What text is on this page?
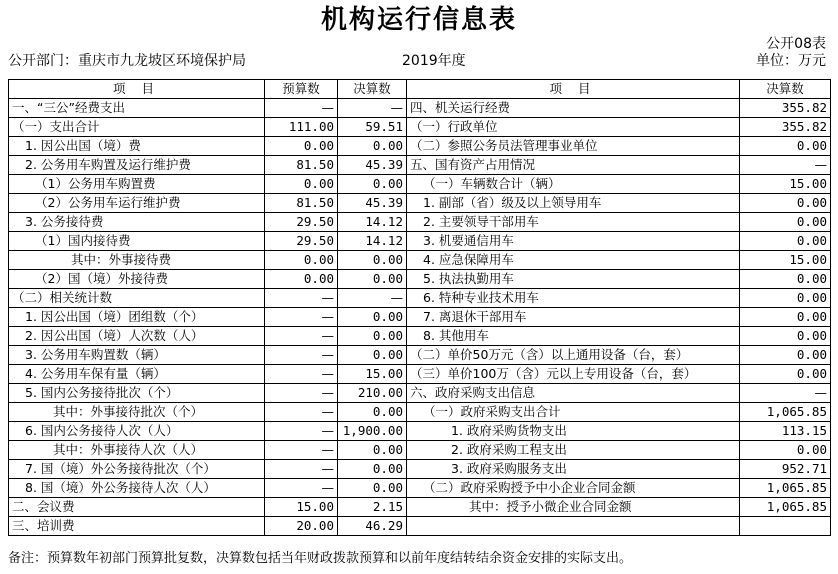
机构运行信息表
公开08表
公开部门：重庆市九龙坡区环境保护局	2019年度	单位：万元
项 目	预算数	决算数	项 目	决算数
一、“三公”经费支出	—	—	四、机关运行经费	355.82
（一）支出合计	111.00	59.51	（一）行政单位	355.82
1. 因公出国（境）费	0.00	0.00	（二）参照公务员法管理事业单位	0.00
2. 公务用车购置及运行维护费	81.50	45.39	五、国有资产占用情况	—
（1）公务用车购置费	0.00	0.00	（一）车辆数合计（辆）	15.00
（2）公务用车运行维护费	81.50	45.39	1. 副部（省）级及以上领导用车	0.00
3. 公务接待费	29.50	14.12	2. 主要领导干部用车	0.00
（1）国内接待费	29.50	14.12	3. 机要通信用车	0.00
其中：外事接待费	0.00	0.00	4. 应急保障用车	15.00
（2）国（境）外接待费	0.00	0.00	5. 执法执勤用车	0.00
（二）相关统计数	—	—	6. 特种专业技术用车	0.00
1. 因公出国（境）团组数（个）	—	0.00	7. 离退休干部用车	0.00
2. 因公出国（境）人次数（人）	—	0.00	8. 其他用车	0.00
3. 公务用车购置数（辆）	—	0.00	（二）单价50万元（含）以上通用设备（台，套）	0.00
4. 公务用车保有量（辆）	—	15.00	（三）单价100万（含）元以上专用设备（台，套）	0.00
5. 国内公务接待批次（个）	—	210.00	六、政府采购支出信息	—
其中：外事接待批次（个）	—	0.00	（一）政府采购支出合计	1,065.85
6. 国内公务接待人次（人）	—	1,900.00	1. 政府采购货物支出	113.15
其中：外事接待人次（人）	—	0.00	2. 政府采购工程支出	0.00
7. 国（境）外公务接待批次（个）	—	0.00	3. 政府采购服务支出	952.71
8. 国（境）外公务接待人次（人）	—	0.00	（二）政府采购授予中小企业合同金额	1,065.85
二、会议费	15.00	2.15	其中：授予小微企业合同金额	1,065.85
三、培训费	20.00	46.29		
备注：预算数年初部门预算批复数，决算数包括当年财政拨款预算和以前年度结转结余资金安排的实际支出。
